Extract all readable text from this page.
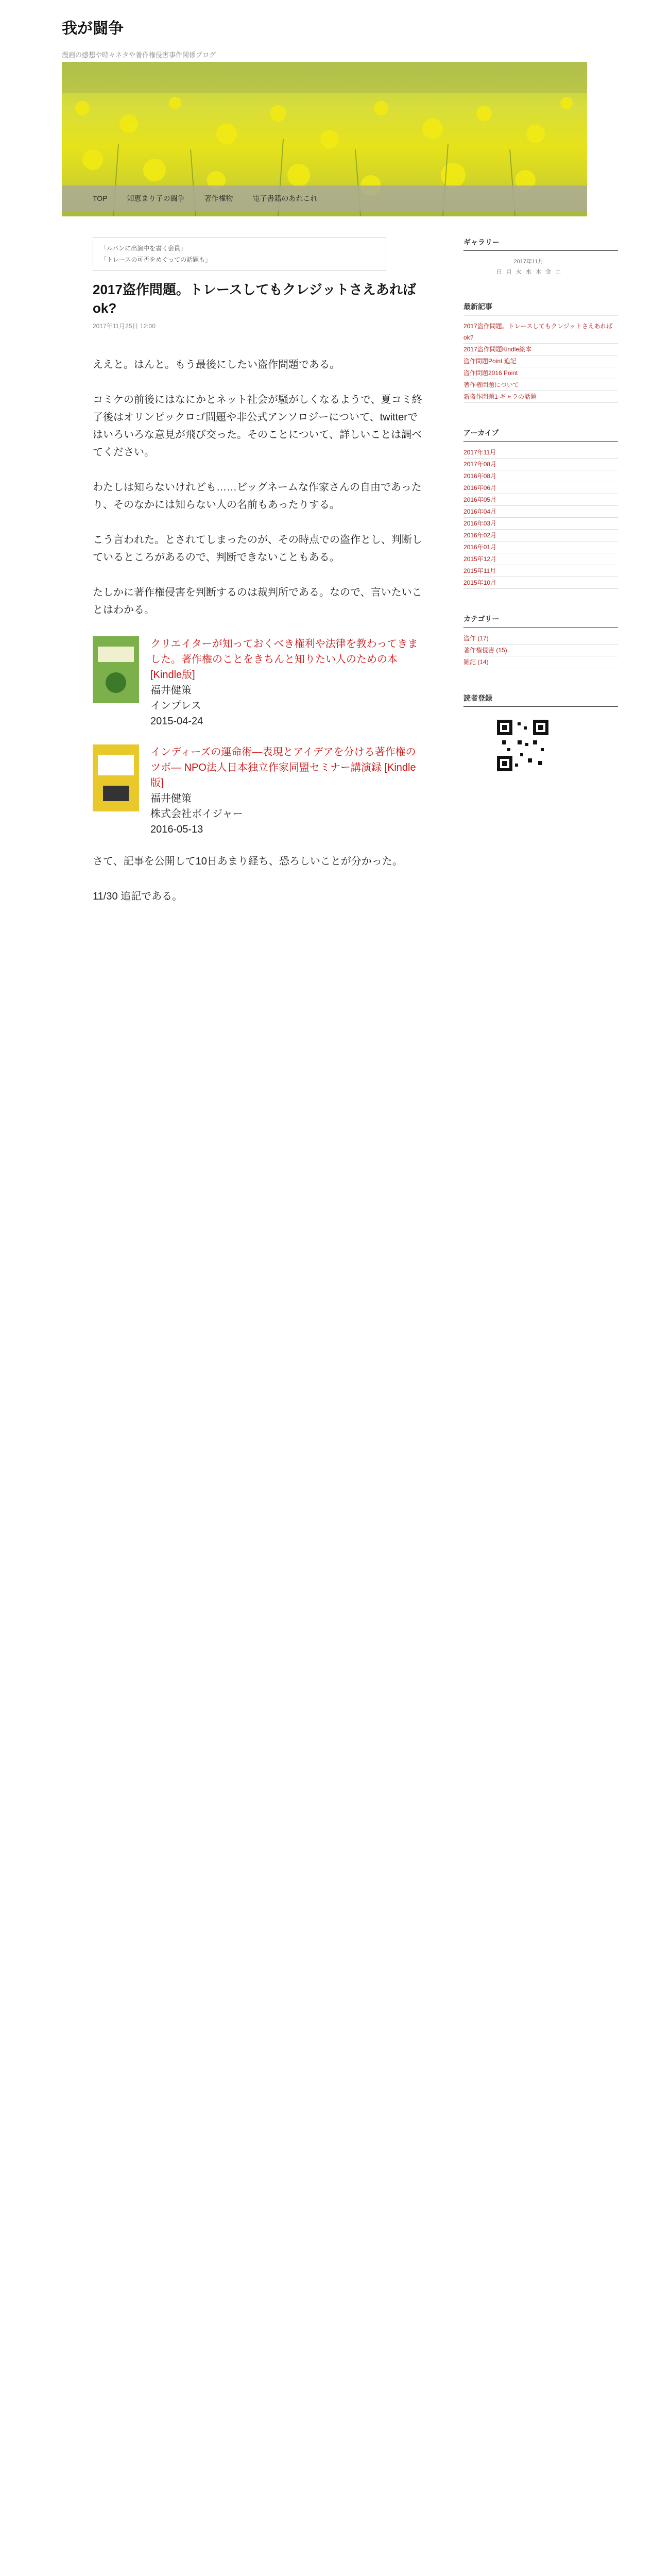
我が闘争
漫画の感想や時々ネタや著作権侵害事件関係ブログ
TOP	知恵まり子の闘争	著作権物	電子書籍のあれこれ
「ルパンに出演中を書く会員」
「トレースの可否をめぐっての話題も」
2017盗作問題。トレースしてもクレジットさえあればok?
2017年11月25日 12:00

ええと。はんと。もう最後にしたい盗作問題である。

コミケの前後にはなにかとネット社会が騒がしくなるようで、夏コミ終了後はオリンピックロゴ問題や非公式アンソロジーについて、twitterではいろいろな意見が飛び交った。そのことについて、詳しいことは調べてください。

わたしは知らないけれども……ビッグネームな作家さんの自由であったり、そのなかには知らない人の名前もあったりする。

こう言われた。とされてしまったのが、その時点での盗作とし、判断しているところがあるので、判断できないこともある。

たしかに著作権侵害を判断するのは裁判所である。なので、言いたいことはわかる。

クリエイターが知っておくべき権利や法律を教わってきました。著作権のことをきちんと知りたい人のための本 [Kindle版]
福井健策
インプレス
2015-04-24
インディーズの運命術―表現とアイデアを分ける著作権のツボ― NPO法人日本独立作家同盟セミナー講演録 [Kindle版]
福井健策
株式会社ボイジャー
2016-05-13

さて、記事を公開して10日あまり経ち、恐ろしいことが分かった。

11/30 追記である。

ギャラリー
2017年11月
日	月	火	水	木	金	土
最新記事
2017盗作問題。トレースしてもクレジットさえあればok?
2017盗作問題Kindle絵本
盗作問題Point 追記
盗作問題2016 Point
著作権問題について
新盗作問題1 ギャラの話題
アーカイブ
2017年11月
2017年08月
2016年08月
2016年06月
2016年05月
2016年04月
2016年03月
2016年02月
2016年01月
2015年12月
2015年11月
2015年10月
カテゴリー
盗作 (17)
著作権侵害 (15)
雑記 (14)
読者登録
